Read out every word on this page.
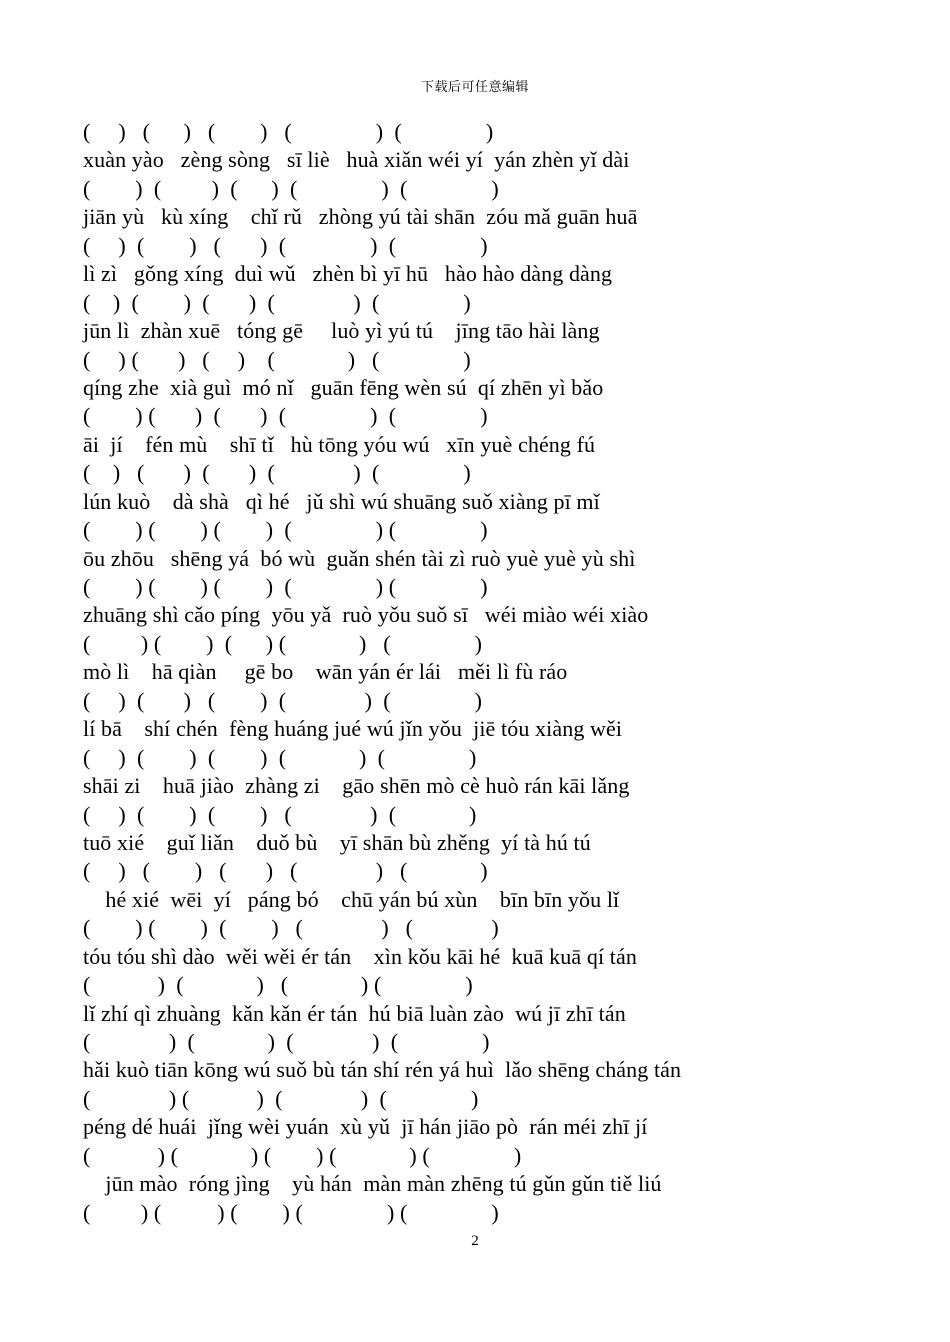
下载后可任意编辑
(     )   (      )   (        )   (               )  (               )
xuàn yào   zèng sòng   sī liè   huà xiǎn wéi yí  yán zhèn yǐ dài
(        )  (         )  (      )  (               )  (               )
jiān yù   kù xíng    chǐ rǔ   zhòng yú tài shān  zóu mǎ guān huā
(     )  (        )   (       )  (               )  (               )
lì zì   gǒng xíng  duì wǔ   zhèn bì yī hū   hào hào dàng dàng
(    )  (        )  (       )  (              )  (               )
jūn lì  zhàn xuē   tóng gē     luò yì yú tú    jīng tāo hài làng
(     ) (       )   (     )    (             )   (               )
qíng zhe  xià guì  mó nǐ   guān fēng wèn sú  qí zhēn yì bǎo
(        ) (       )  (       )  (               )  (               )
āi  jí    fén mù    shī tǐ   hù tōng yóu wú   xīn yuè chéng fú
(    )   (       )  (       )  (              )  (               )
lún kuò    dà shà   qì hé   jǔ shì wú shuāng suǒ xiàng pī mǐ
(        ) (        ) (        )  (               ) (               )
ōu zhōu   shēng yá  bó wù  guǎn shén tài zì ruò yuè yuè yù shì
(        ) (        ) (        )  (               ) (               )
zhuāng shì cǎo píng  yōu yǎ  ruò yǒu suǒ sī   wéi miào wéi xiào
(         ) (        )  (      ) (             )   (               )
mò lì    hā qiàn     gē bo    wān yán ér lái   měi lì fù ráo
(     )  (       )   (        )  (              )  (               )
lí bā    shí chén  fèng huáng jué wú jǐn yǒu  jiē tóu xiàng wěi
(     )  (        )  (        )  (             )  (               )
shāi zi    huā jiào  zhàng zi    gāo shēn mò cè huò rán kāi lǎng
(     )  (        )  (        )   (              )  (             )
tuō xié    guǐ liǎn    duǒ bù    yī shān bù zhěng  yí tà hú tú
(     )   (        )   (       )   (              )   (             )
hé xié  wēi  yí   páng bó    chū yán bú xùn    bīn bīn yǒu lǐ
(        ) (        )  (        )   (              )   (              )
tóu tóu shì dào  wěi wěi ér tán    xìn kǒu kāi hé  kuā kuā qí tán
(            )  (             )   (             ) (               )
lǐ zhí qì zhuàng  kǎn kǎn ér tán  hú biā luàn zào  wú jī zhī tán
(              )  (             )  (              )  (               )
hǎi kuò tiān kōng wú suǒ bù tán shí rén yá huì  lǎo shēng cháng tán
(              ) (            )  (              )  (               )
péng dé huái  jǐng wèi yuán  xù yǔ  jī hán jiāo pò  rán méi zhī jí
(            ) (             ) (        ) (             ) (               )
jūn mào  róng jìng    yù hán  màn màn zhēng tú gǔn gǔn tiě liú
(         ) (          ) (        ) (               ) (               )
2
